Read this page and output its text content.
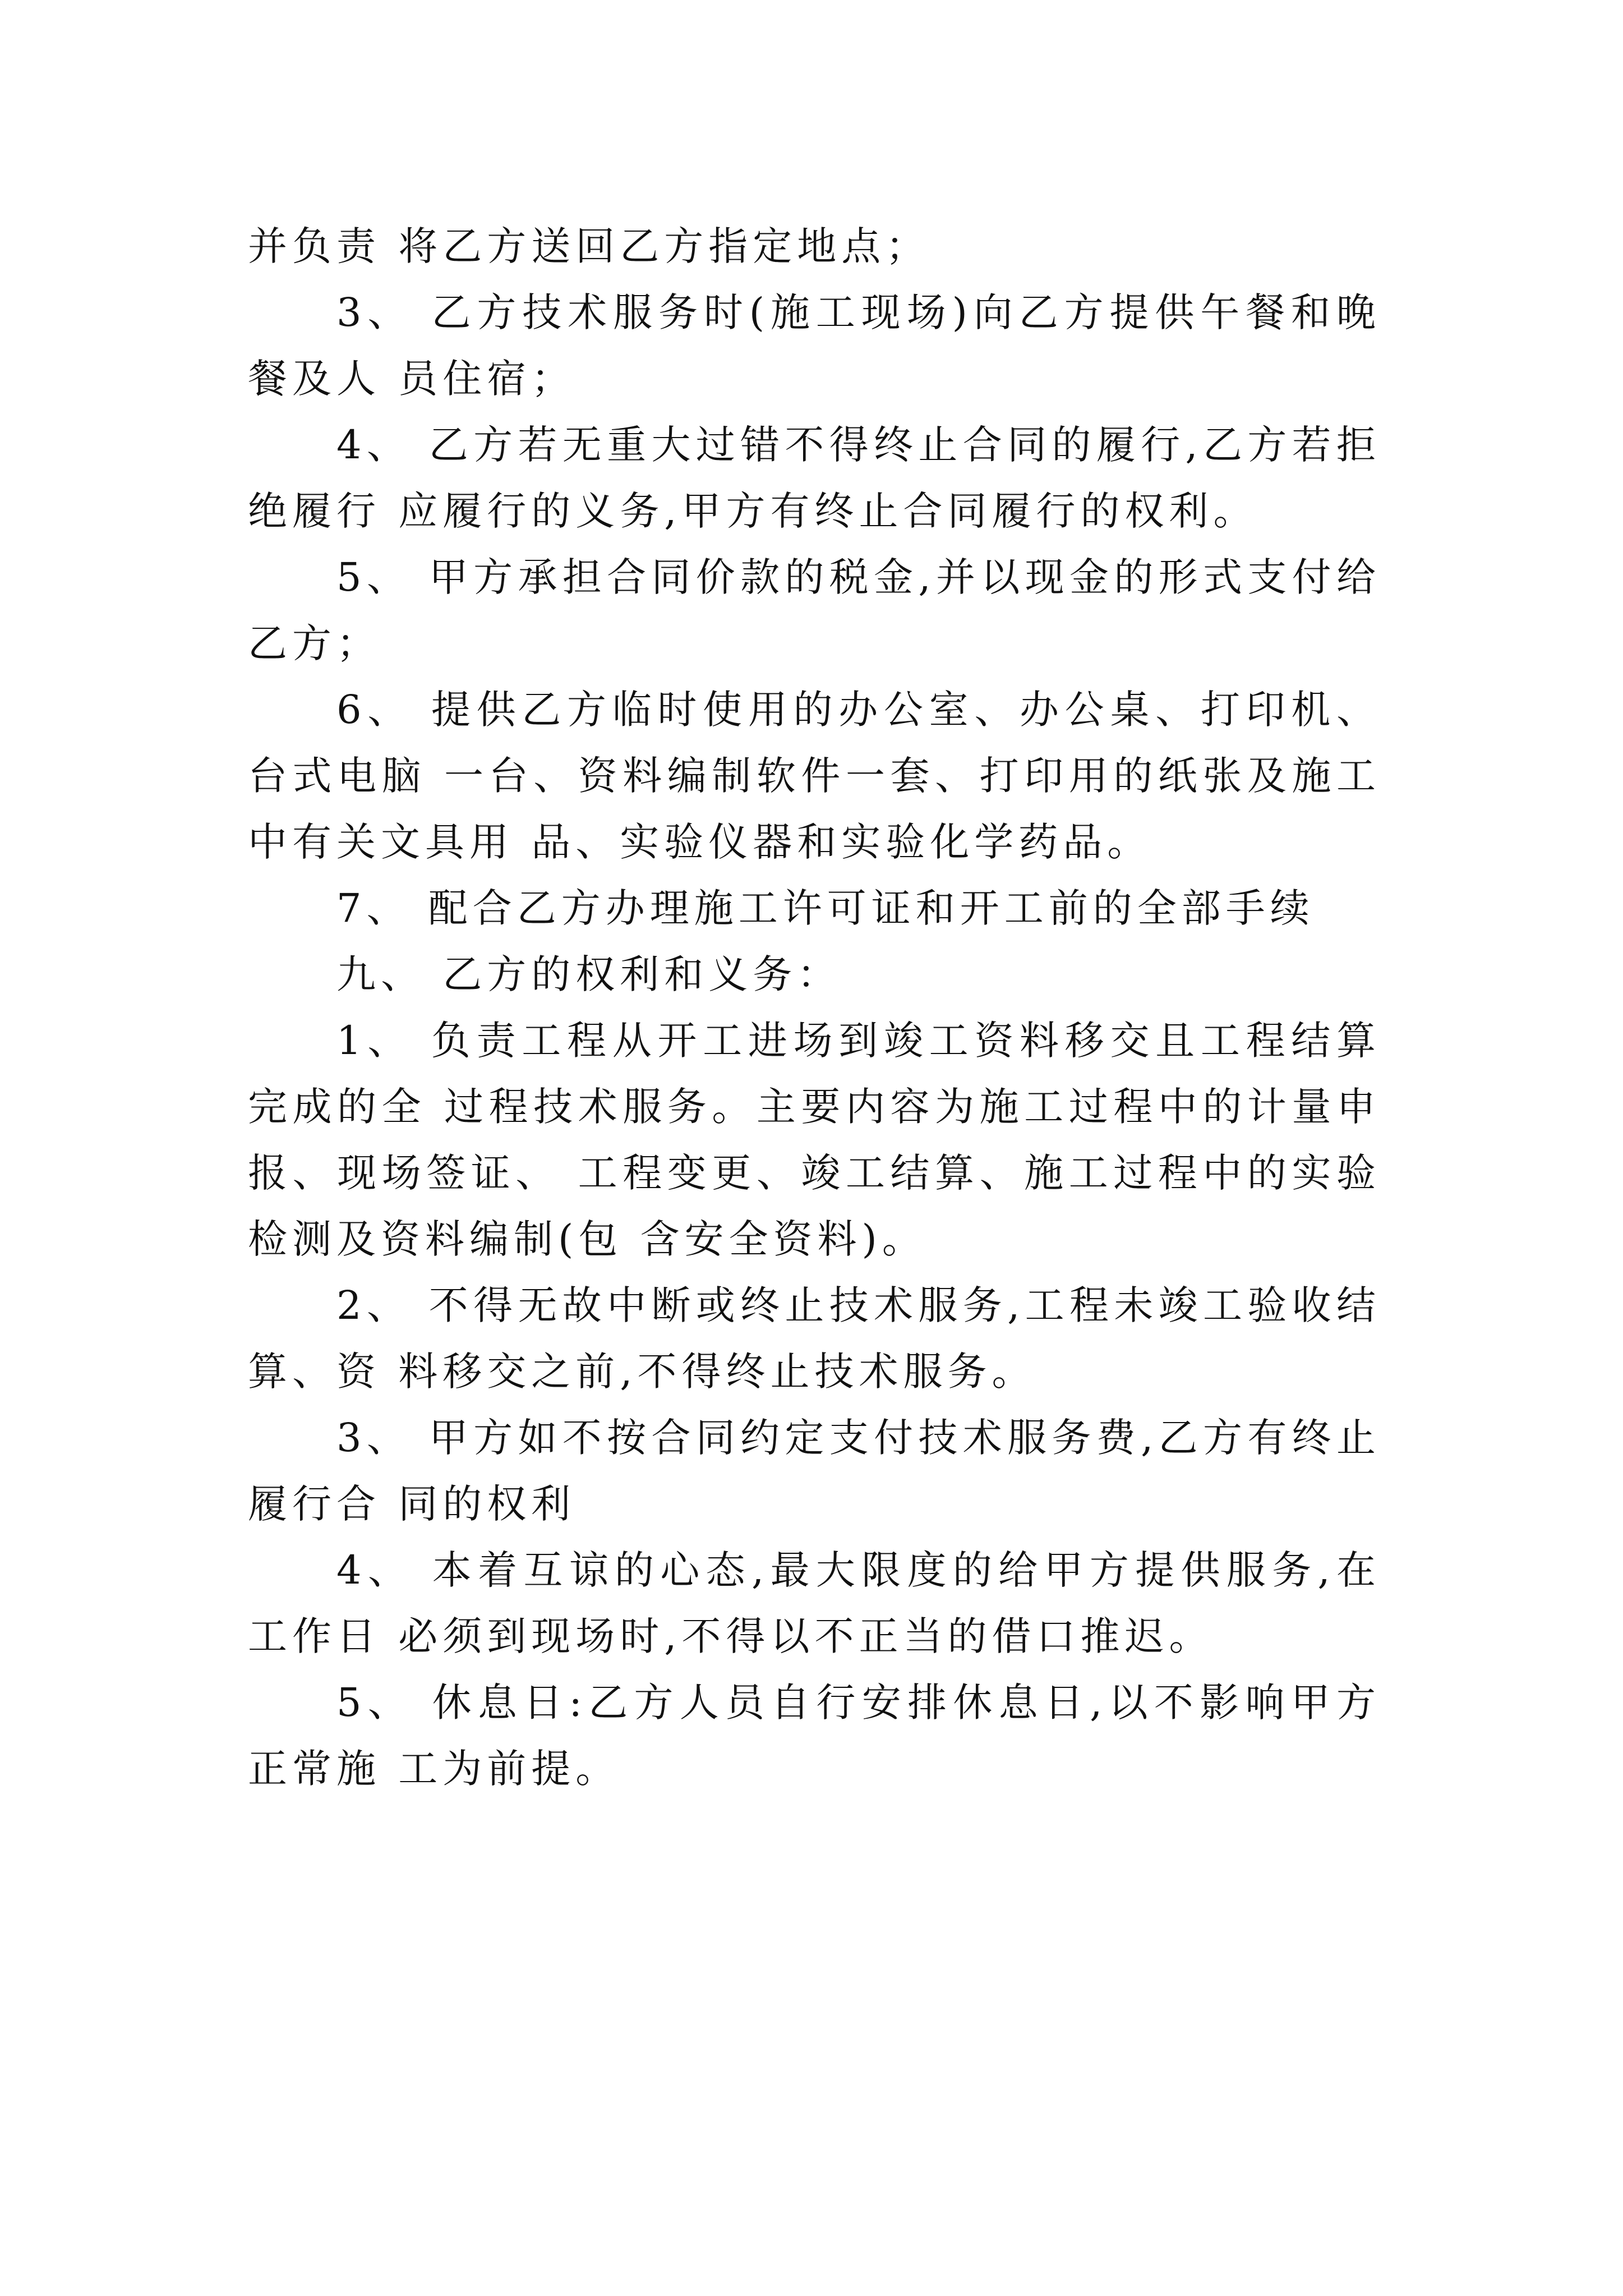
并负责 将乙方送回乙方指定地点；

3、 乙方技术服务时(施工现场)向乙方提供午餐和晚餐及人 员住宿；

4、 乙方若无重大过错不得终止合同的履行,乙方若拒绝履行 应履行的义务,甲方有终止合同履行的权利。

5、 甲方承担合同价款的税金,并以现金的形式支付给乙方；

6、 提供乙方临时使用的办公室、办公桌、打印机、台式电脑 一台、资料编制软件一套、打印用的纸张及施工中有关文具用 品、实验仪器和实验化学药品。

7、 配合乙方办理施工许可证和开工前的全部手续

九、 乙方的权利和义务：

1、 负责工程从开工进场到竣工资料移交且工程结算完成的全 过程技术服务。主要内容为施工过程中的计量申报、现场签证、 工程变更、竣工结算、施工过程中的实验检测及资料编制(包 含安全资料)。

2、 不得无故中断或终止技术服务,工程未竣工验收结算、资 料移交之前,不得终止技术服务。

3、 甲方如不按合同约定支付技术服务费,乙方有终止履行合 同的权利

4、 本着互谅的心态,最大限度的给甲方提供服务,在工作日 必须到现场时,不得以不正当的借口推迟。

5、 休息日:乙方人员自行安排休息日,以不影响甲方正常施 工为前提。
